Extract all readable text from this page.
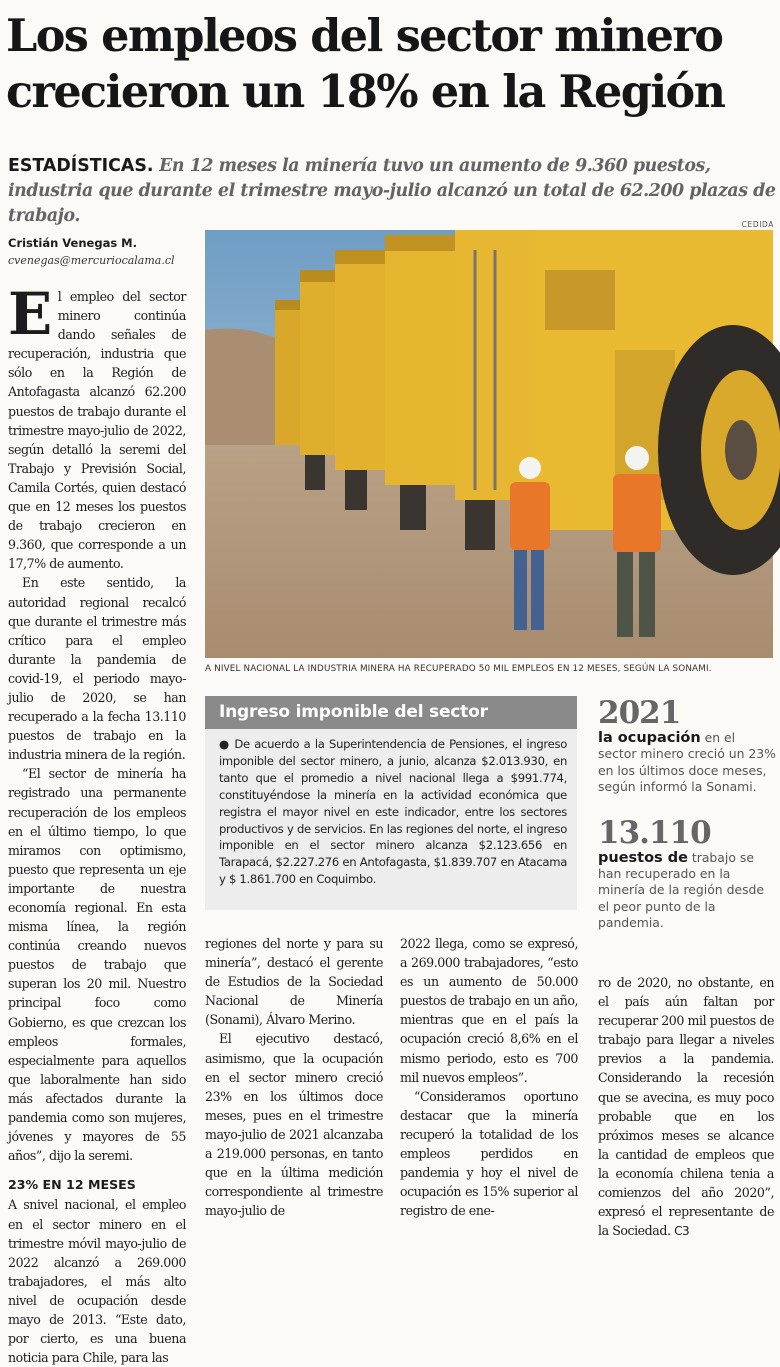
Los empleos del sector minero
crecieron un 18% en la Región
ESTADÍSTICAS. En 12 meses la minería tuvo un aumento de 9.360 puestos, industria que durante el trimestre mayo-julio alcanzó un total de 62.200 plazas de trabajo.	CEDIDA
Cristián Venegas M.
cvenegas@mercuriocalama.cl

El empleo del sector minero continúa dando señales de recuperación, industria que sólo en la Región de Antofagasta alcanzó 62.200 puestos de trabajo durante el trimestre mayo-julio de 2022, según detalló la seremi del Trabajo y Previsión Social, Camila Cortés, quien destacó que en 12 meses los puestos de trabajo crecieron en 9.360, que corresponde a un 17,7% de aumento.

En este sentido, la autoridad regional recalcó que durante el trimestre más crítico para el empleo durante la pandemia de covid-19, el periodo mayo-julio de 2020, se han recuperado a la fecha 13.110 puestos de trabajo en la industria minera de la región.

“El sector de minería ha registrado una permanente recuperación de los empleos en el último tiempo, lo que miramos con optimismo, puesto que representa un eje importante de nuestra economía regional. En esta misma línea, la región continúa creando nuevos puestos de trabajo que superan los 20 mil. Nuestro principal foco como Gobierno, es que crezcan los empleos formales, especialmente para aquellos que laboralmente han sido más afectados durante la pandemia como son mujeres, jóvenes y mayores de 55 años”, dijo la seremi.

23% EN 12 MESES

A snivel nacional, el empleo en el sector minero en el trimestre móvil mayo-julio de 2022 alcanzó a 269.000 trabajadores, el más alto nivel de ocupación desde mayo de 2013. “Este dato, por cierto, es una buena noticia para Chile, para las

A NIVEL NACIONAL LA INDUSTRIA MINERA HA RECUPERADO 50 MIL EMPLEOS EN 12 MESES, SEGÚN LA SONAMI.
Ingreso imponible del sector
● De acuerdo a la Superintendencia de Pensiones, el ingreso imponible del sector minero, a junio, alcanza $2.013.930, en tanto que el promedio a nivel nacional llega a $991.774, constituyéndose la minería en la actividad económica que registra el mayor nivel en este indicador, entre los sectores productivos y de servicios. En las regiones del norte, el ingreso imponible en el sector minero alcanza $2.123.656 en Tarapacá, $2.227.276 en Antofagasta, $1.839.707 en Atacama y $ 1.861.700 en Coquimbo.
2021
la ocupación en el sector minero creció un 23% en los últimos doce meses, según informó la Sonami.
13.110
puestos de trabajo se han recuperado en la minería de la región desde el peor punto de la pandemia.

regiones del norte y para su minería”, destacó el gerente de Estudios de la Sociedad Nacional de Minería (Sonami), Álvaro Merino.

El ejecutivo destacó, asimismo, que la ocupación en el sector minero creció 23% en los últimos doce meses, pues en el trimestre mayo-julio de 2021 alcanzaba a 219.000 personas, en tanto que en la última medición correspondiente al trimestre mayo-julio de

2022 llega, como se expresó, a 269.000 trabajadores, “esto es un aumento de 50.000 puestos de trabajo en un año, mientras que en el país la ocupación creció 8,6% en el mismo periodo, esto es 700 mil nuevos empleos”.

“Consideramos oportuno destacar que la minería recuperó la totalidad de los empleos perdidos en pandemia y hoy el nivel de ocupación es 15% superior al registro de ene-

ro de 2020, no obstante, en el país aún faltan por recuperar 200 mil puestos de trabajo para llegar a niveles previos a la pandemia. Considerando la recesión que se avecina, es muy poco probable que en los próximos meses se alcance la cantidad de empleos que la economía chilena tenia a comienzos del año 2020”, expresó el representante de la Sociedad. C3
